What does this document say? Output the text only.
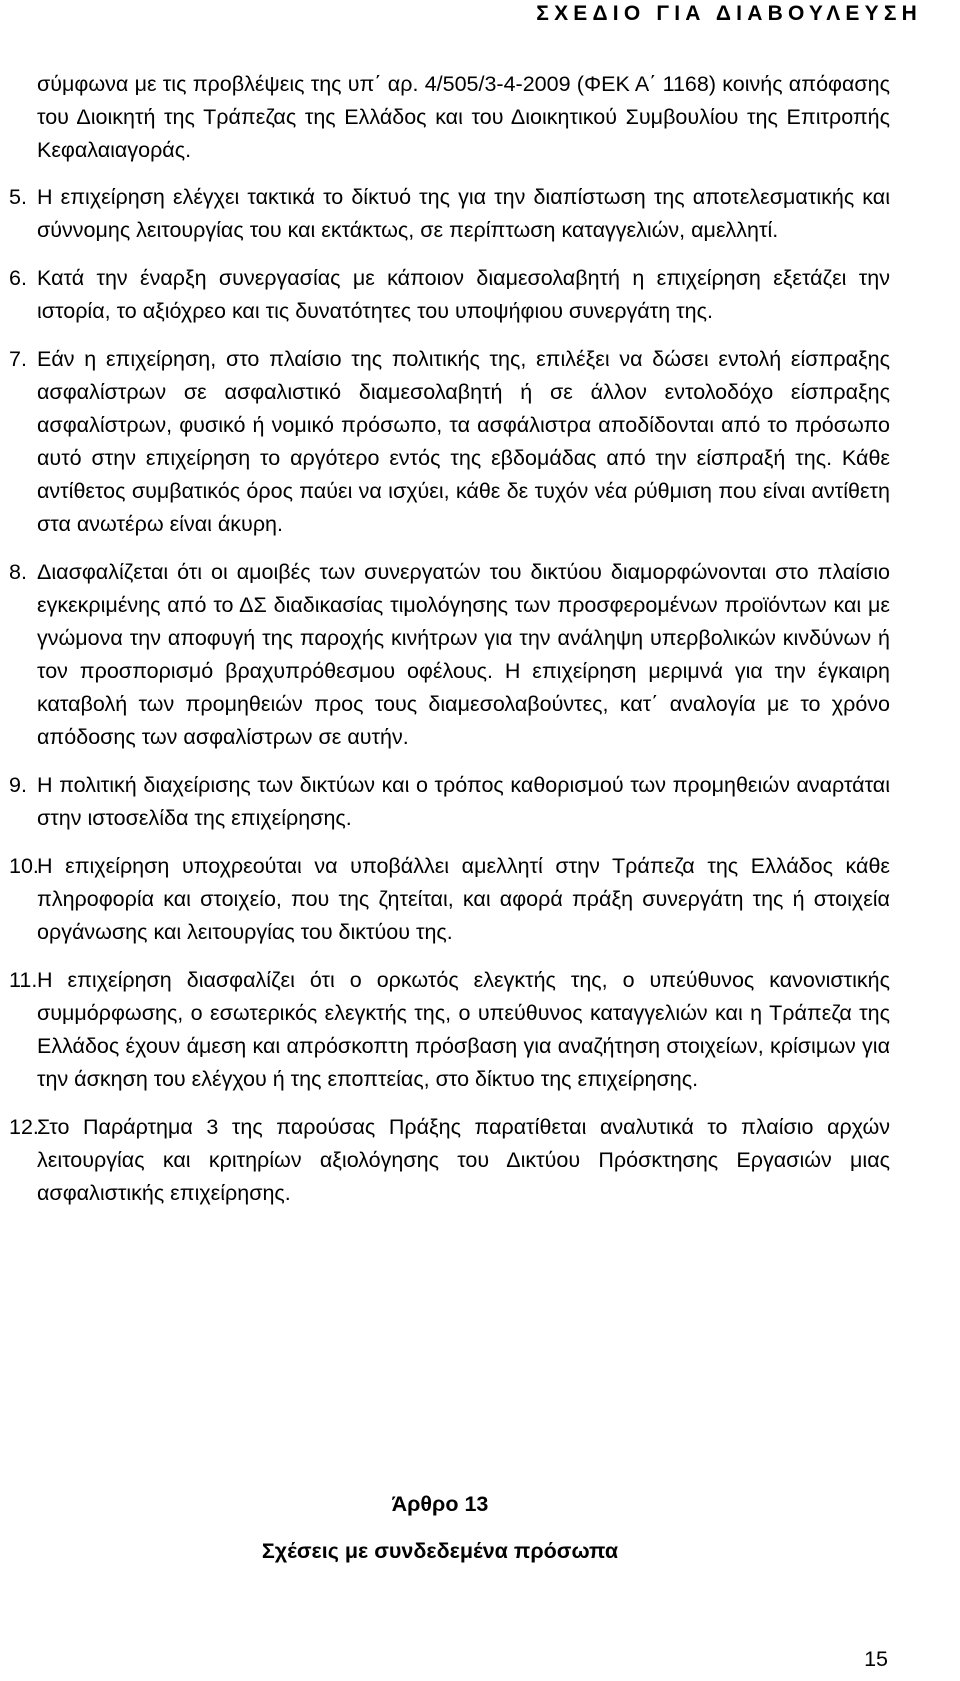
ΣΧΕΔΙΟ ΓΙΑ ΔΙΑΒΟΥΛΕΥΣΗ
σύμφωνα με τις προβλέψεις της υπ΄ αρ. 4/505/3-4-2009 (ΦΕΚ Α΄ 1168) κοινής απόφασης του Διοικητή της Τράπεζας της Ελλάδος και του Διοικητικού Συμβουλίου της Επιτροπής Κεφαλαιαγοράς.
5. Η επιχείρηση ελέγχει τακτικά το δίκτυό της για την διαπίστωση της αποτελεσματικής και σύννομης λειτουργίας του και εκτάκτως, σε περίπτωση καταγγελιών, αμελλητί.
6. Κατά την έναρξη συνεργασίας με κάποιον διαμεσολαβητή η επιχείρηση εξετάζει την ιστορία, το αξιόχρεο και τις δυνατότητες του υποψήφιου συνεργάτη της.
7. Εάν η επιχείρηση, στο πλαίσιο της πολιτικής της, επιλέξει να δώσει εντολή είσπραξης ασφαλίστρων σε ασφαλιστικό διαμεσολαβητή ή σε άλλον εντολοδόχο είσπραξης ασφαλίστρων, φυσικό ή νομικό πρόσωπο, τα ασφάλιστρα αποδίδονται από το πρόσωπο αυτό στην επιχείρηση το αργότερο εντός της εβδομάδας από την είσπραξή της. Κάθε αντίθετος συμβατικός όρος παύει να ισχύει, κάθε δε τυχόν νέα ρύθμιση που είναι αντίθετη στα ανωτέρω είναι άκυρη.
8. Διασφαλίζεται ότι οι αμοιβές των συνεργατών του δικτύου διαμορφώνονται στο πλαίσιο εγκεκριμένης από το ΔΣ διαδικασίας τιμολόγησης των προσφερομένων προϊόντων και με γνώμονα την αποφυγή της παροχής κινήτρων για την ανάληψη υπερβολικών κινδύνων ή τον προσπορισμό βραχυπρόθεσμου οφέλους. Η επιχείρηση μεριμνά για την έγκαιρη καταβολή των προμηθειών προς τους διαμεσολαβούντες, κατ΄ αναλογία με το χρόνο απόδοσης των ασφαλίστρων σε αυτήν.
9. Η πολιτική διαχείρισης των δικτύων και ο τρόπος καθορισμού των προμηθειών αναρτάται στην ιστοσελίδα της επιχείρησης.
10.
Η επιχείρηση υποχρεούται να υποβάλλει αμελλητί στην Τράπεζα της Ελλάδος κάθε πληροφορία και στοιχείο, που της ζητείται, και αφορά πράξη συνεργάτη της ή στοιχεία οργάνωσης και λειτουργίας του δικτύου της.
11. Η επιχείρηση διασφαλίζει ότι ο ορκωτός ελεγκτής της, ο υπεύθυνος κανονιστικής συμμόρφωσης, ο εσωτερικός ελεγκτής της, ο υπεύθυνος καταγγελιών και η Τράπεζα της Ελλάδος έχουν άμεση και απρόσκοπτη πρόσβαση για αναζήτηση στοιχείων, κρίσιμων για την άσκηση του ελέγχου ή της εποπτείας, στο δίκτυο της επιχείρησης.
12.
Στο Παράρτημα 3 της παρούσας Πράξης παρατίθεται αναλυτικά το πλαίσιο αρχών λειτουργίας και κριτηρίων αξιολόγησης του Δικτύου Πρόσκτησης Εργασιών μιας ασφαλιστικής επιχείρησης.
Άρθρο 13
Σχέσεις με συνδεδεμένα πρόσωπα
15
